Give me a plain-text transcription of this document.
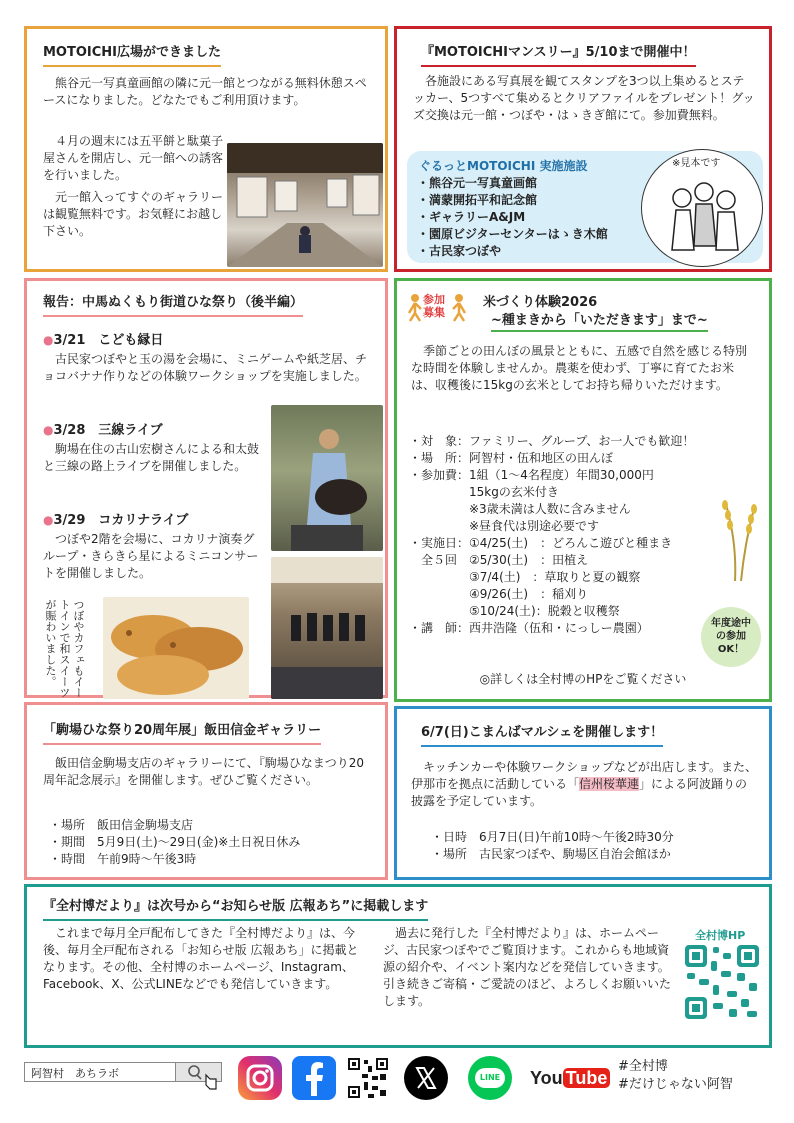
MOTOICHI広場ができました
熊谷元一写真童画館の隣に元一館とつながる無料休憩スペースになりました。どなたでもご利用頂けます。
４月の週末には五平餅と駄菓子屋さんを開店し、元一館への誘客を行いました。
元一館入ってすぐのギャラリーは観覧無料です。お気軽にお越し下さい。
『MOTOICHIマンスリー』5/10まで開催中！
各施設にある写真展を観てスタンプを3つ以上集めるとステッカー、5つすべて集めるとクリアファイルをプレゼント！グッズ交換は元一館・つぼや・はゝきぎ館にて。参加費無料。
ぐるっとMOTOICHI 実施施設
・熊谷元一写真童画館
・満蒙開拓平和記念館
・ギャラリーA&JM
・園原ビジターセンターはゝき木館
・古民家つぼや
※見本です
報告：中馬ぬくもり街道ひな祭り（後半編）
●3/21　こども縁日
古民家つぼやと玉の湯を会場に、ミニゲームや紙芝居、チョコバナナ作りなどの体験ワークショップを実施しました。
●3/28　三線ライブ
駒場在住の古山宏樹さんによる和太鼓と三線の路上ライブを開催しました。
●3/29　コカリナライブ
つぼや2階を会場に、コカリナ演奏グループ・きらきら星によるミニコンサートを開催しました。
つぼやカフェもイートインで和スイーツが賑わいました。
参加
募集
米づくり体験2026
~種まきから「いただきます」まで~
季節ごとの田んぼの風景とともに、五感で自然を感じる特別な時間を体験しませんか。農薬を使わず、丁寧に育てたお米は、収穫後に15kgの玄米としてお持ち帰りいただけます。
・対　象：ファミリー、グループ、お一人でも歓迎！
・場　所：阿智村・伍和地区の田んぼ
・参加費：1組（1～4名程度）年間30,000円
　　　　　15kgの玄米付き
　　　　　※3歳未満は人数に含みません
　　　　　※昼食代は別途必要です
・実施日：①4/25(土)　：どろんこ遊びと種まき
　全５回　②5/30(土)　：田植え
　　　　　③7/4(土)　：草取りと夏の観察
　　　　　④9/26(土)　：稲刈り
　　　　　⑤10/24(土)：脱穀と収穫祭
・講　師：西井浩隆（伍和・にっしー農園）	年度途中
の参加
OK！
◎詳しくは全村博のHPをご覧ください
「駒場ひな祭り20周年展」飯田信金ギャラリー
飯田信金駒場支店のギャラリーにて、『駒場ひなまつり20周年記念展示』を開催します。ぜひご覧ください。
・場所　飯田信金駒場支店
・期間　5月9日(土)～29日(金)※土日祝日休み
・時間　午前9時～午後3時
6/7(日)こまんばマルシェを開催します！
キッチンカーや体験ワークショップなどが出店します。また、伊那市を拠点に活動している「信州桜華連」による阿波踊りの披露を予定しています。
・日時　6月7日(日)午前10時～午後2時30分
・場所　古民家つぼや、駒場区自治会館ほか
『全村博だより』は次号から“お知らせ版 広報あち”に掲載します
これまで毎月全戸配布してきた『全村博だより』は、今後、毎月全戸配布される「お知らせ版 広報あち」に掲載となります。その他、全村博のホームページ、Instagram、Facebook、X、公式LINEなどでも発信していきます。
過去に発行した『全村博だより』は、ホームページ、古民家つぼやでご覧頂けます。これからも地域資源の紹介や、イベント案内などを発信していきます。引き続きご寄稿・ご愛読のほど、よろしくお願いいたします。
全村博HP
阿智村　あちラボ	LINE You Tube
#全村博
#だけじゃない阿智
